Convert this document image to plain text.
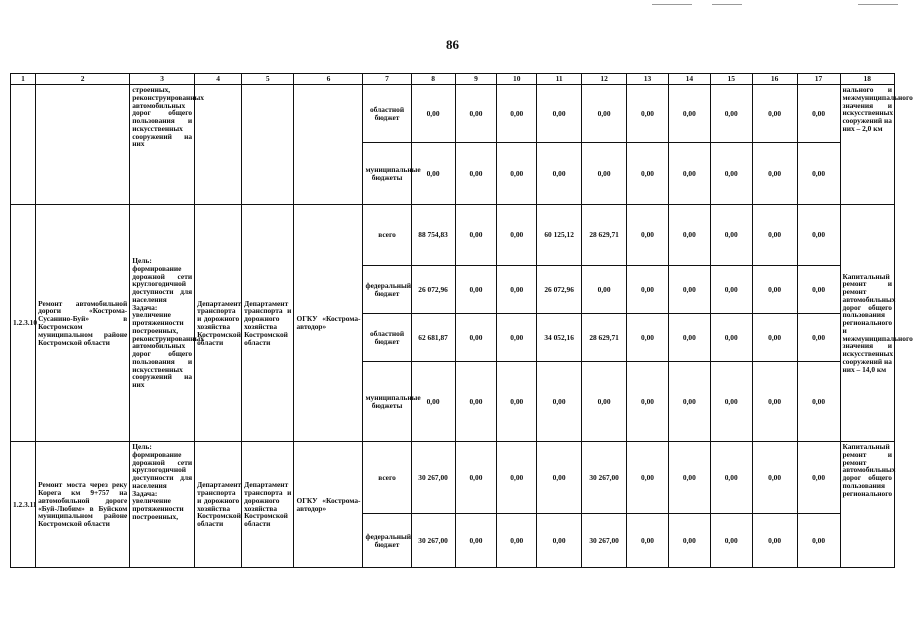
86
1	2	3	4	5	6	7	8	9	10	11	12	13	14	15	16	17	18
		строенных, реконструированных автомобильных дорог общего пользования и искусственных сооружений на них				областной бюджет	0,00	0,00	0,00	0,00	0,00	0,00	0,00	0,00	0,00	0,00	нального и межмуниципального значения и искусственных сооружений на них – 2,0 км
						муниципальные бюджеты	0,00	0,00	0,00	0,00	0,00	0,00	0,00	0,00	0,00	0,00	
1.2.3.10	Ремонт автомобильной дороги «Кострома-Сусанино-Буй» в Костромском муниципальном районе Костромской области	Цель: формирование дорожной сети круглогодичной доступности для населения Задача: увеличение протяженности построенных, реконструированных автомобильных дорог общего пользования и искусственных сооружений на них	Департамент транспорта и дорожного хозяйства Костромской области	Департамент транспорта и дорожного хозяйства Костромской области	ОГКУ «Кострома-автодор»	всего	88 754,83	0,00	0,00	60 125,12	28 629,71	0,00	0,00	0,00	0,00	0,00	Капитальный ремонт и ремонт автомобильных дорог общего пользования регионального и межмуниципального значения и искусственных сооружений на них – 14,0 км
						федеральный бюджет	26 072,96	0,00	0,00	26 072,96	0,00	0,00	0,00	0,00	0,00	0,00	
						областной бюджет	62 681,87	0,00	0,00	34 052,16	28 629,71	0,00	0,00	0,00	0,00	0,00	
						муниципальные бюджеты	0,00	0,00	0,00	0,00	0,00	0,00	0,00	0,00	0,00	0,00	
1.2.3.11	Ремонт моста через реку Корега км 9+757 на автомобильной дороге «Буй-Любим» в Буйском муниципальном районе Костромской области	Цель: формирование дорожной сети круглогодичной доступности для населения Задача: увеличение протяженности построенных,	Департамент транспорта и дорожного хозяйства Костромской области	Департамент транспорта и дорожного хозяйства Костромской области	ОГКУ «Кострома-автодор»	всего	30 267,00	0,00	0,00	0,00	30 267,00	0,00	0,00	0,00	0,00	0,00	Капитальный ремонт и ремонт автомобильных дорог общего пользования регионального
						федеральный бюджет	30 267,00	0,00	0,00	0,00	30 267,00	0,00	0,00	0,00	0,00	0,00	
